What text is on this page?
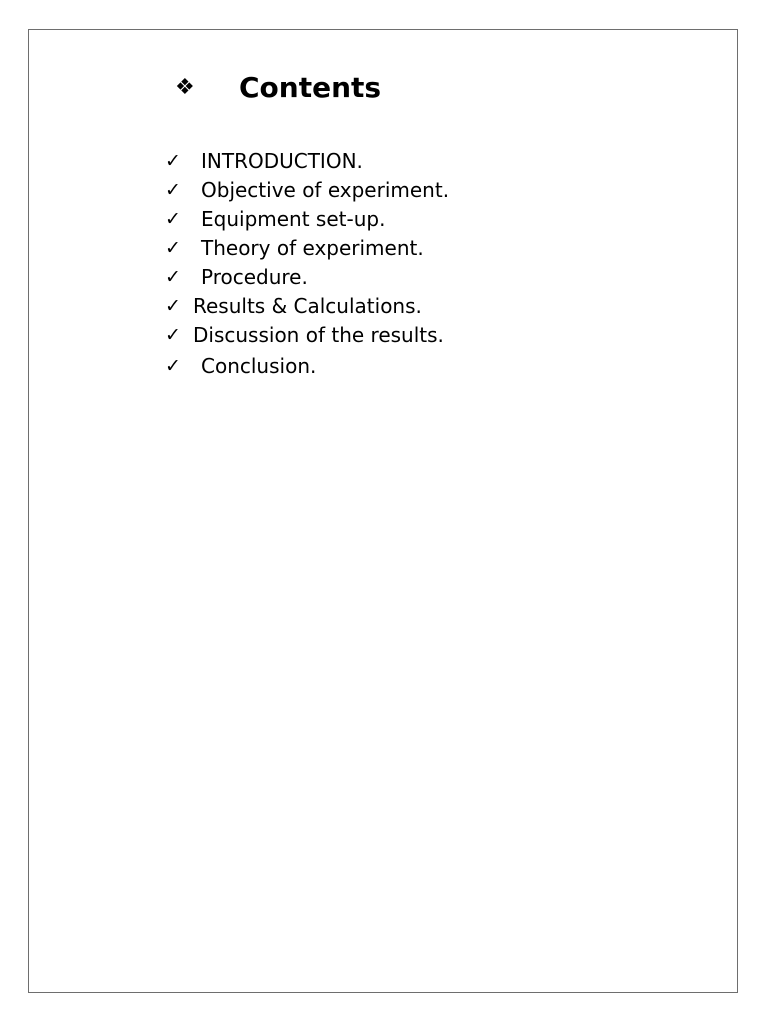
❖	Contents
✓ INTRODUCTION.
✓ Objective of experiment.
✓ Equipment set-up.
✓ Theory of experiment.
✓ Procedure.
✓ Results & Calculations.
✓ Discussion of the results.
✓ Conclusion.
